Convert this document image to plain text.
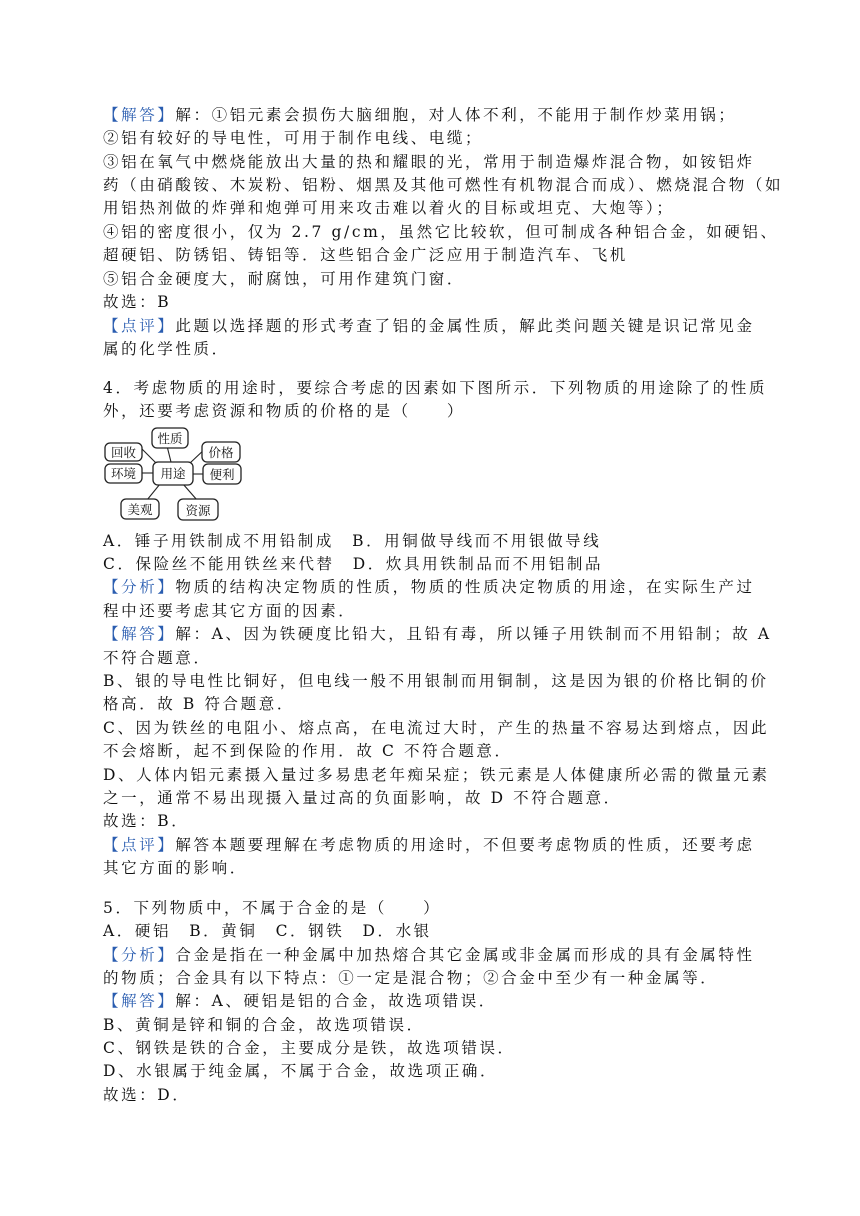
【解答】解：①铝元素会损伤大脑细胞，对人体不利，不能用于制作炒菜用锅；
②铝有较好的导电性，可用于制作电线、电缆；
③铝在氧气中燃烧能放出大量的热和耀眼的光，常用于制造爆炸混合物，如铵铝炸
药（由硝酸铵、木炭粉、铝粉、烟黑及其他可燃性有机物混合而成）、燃烧混合物（如
用铝热剂做的炸弹和炮弹可用来攻击难以着火的目标或坦克、大炮等）；
④铝的密度很小，仅为 2.7 g/cm，虽然它比较软，但可制成各种铝合金，如硬铝、
超硬铝、防锈铝、铸铝等．这些铝合金广泛应用于制造汽车、飞机
⑤铝合金硬度大，耐腐蚀，可用作建筑门窗．
故选：B
【点评】此题以选择题的形式考查了铝的金属性质，解此类问题关键是识记常见金
属的化学性质．
4．考虑物质的用途时，要综合考虑的因素如下图所示．下列物质的用途除了的性质
外，还要考虑资源和物质的价格的是（　　）
性质
回收	价格
环境 用途 便利
美观	资源
A．锤子用铁制成不用铅制成　B．用铜做导线而不用银做导线
C．保险丝不能用铁丝来代替　D．炊具用铁制品而不用铝制品
【分析】物质的结构决定物质的性质，物质的性质决定物质的用途，在实际生产过
程中还要考虑其它方面的因素．
【解答】解：A、因为铁硬度比铅大，且铅有毒，所以锤子用铁制而不用铅制；故 A
不符合题意．
B、银的导电性比铜好，但电线一般不用银制而用铜制，这是因为银的价格比铜的价
格高．故 B 符合题意．
C、因为铁丝的电阻小、熔点高，在电流过大时，产生的热量不容易达到熔点，因此
不会熔断，起不到保险的作用．故 C 不符合题意．
D、人体内铝元素摄入量过多易患老年痴呆症；铁元素是人体健康所必需的微量元素
之一，通常不易出现摄入量过高的负面影响，故 D 不符合题意．
故选：B．
【点评】解答本题要理解在考虑物质的用途时，不但要考虑物质的性质，还要考虑
其它方面的影响．
5．下列物质中，不属于合金的是（　　）
A．硬铝　B．黄铜　C．钢铁　D．水银
【分析】合金是指在一种金属中加热熔合其它金属或非金属而形成的具有金属特性
的物质；合金具有以下特点：①一定是混合物；②合金中至少有一种金属等．
【解答】解：A、硬铝是铝的合金，故选项错误．
B、黄铜是锌和铜的合金，故选项错误．
C、钢铁是铁的合金，主要成分是铁，故选项错误．
D、水银属于纯金属，不属于合金，故选项正确．
故选：D．
